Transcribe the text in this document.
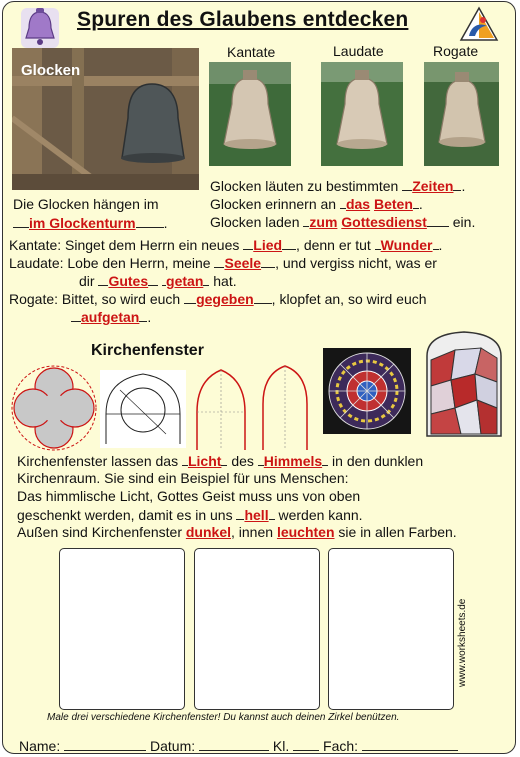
Spuren des Glaubens entdecken
Glocken
Kantate	Laudate	Rogate
Die Glocken hängen im
im Glockenturm .
Glocken läuten zu bestimmten Zeiten .
Glocken erinnern an das Beten .
Glocken laden zum Gottesdienst ein.
Kantate: Singet dem Herrn ein neues Lied , denn er tut Wunder .
Laudate: Lobe den Herrn, meine Seele , und vergiss nicht, was er
dir Gutes getan hat.
Rogate: Bittet, so wird euch gegeben , klopfet an, so wird euch
aufgetan .
Kirchenfenster
Kirchenfenster lassen das Licht des Himmels in den dunklen
Kirchenraum. Sie sind ein Beispiel für uns Menschen:
Das himmlische Licht, Gottes Geist muss uns von oben
geschenkt werden, damit es in uns hell werden kann.
Außen sind Kirchenfenster dunkel, innen leuchten sie in allen Farben.
www.worksheets.de
Male drei verschiedene Kirchenfenster! Du kannst auch deinen Zirkel benützen.
Name:	Datum:	Kl. Fach:
